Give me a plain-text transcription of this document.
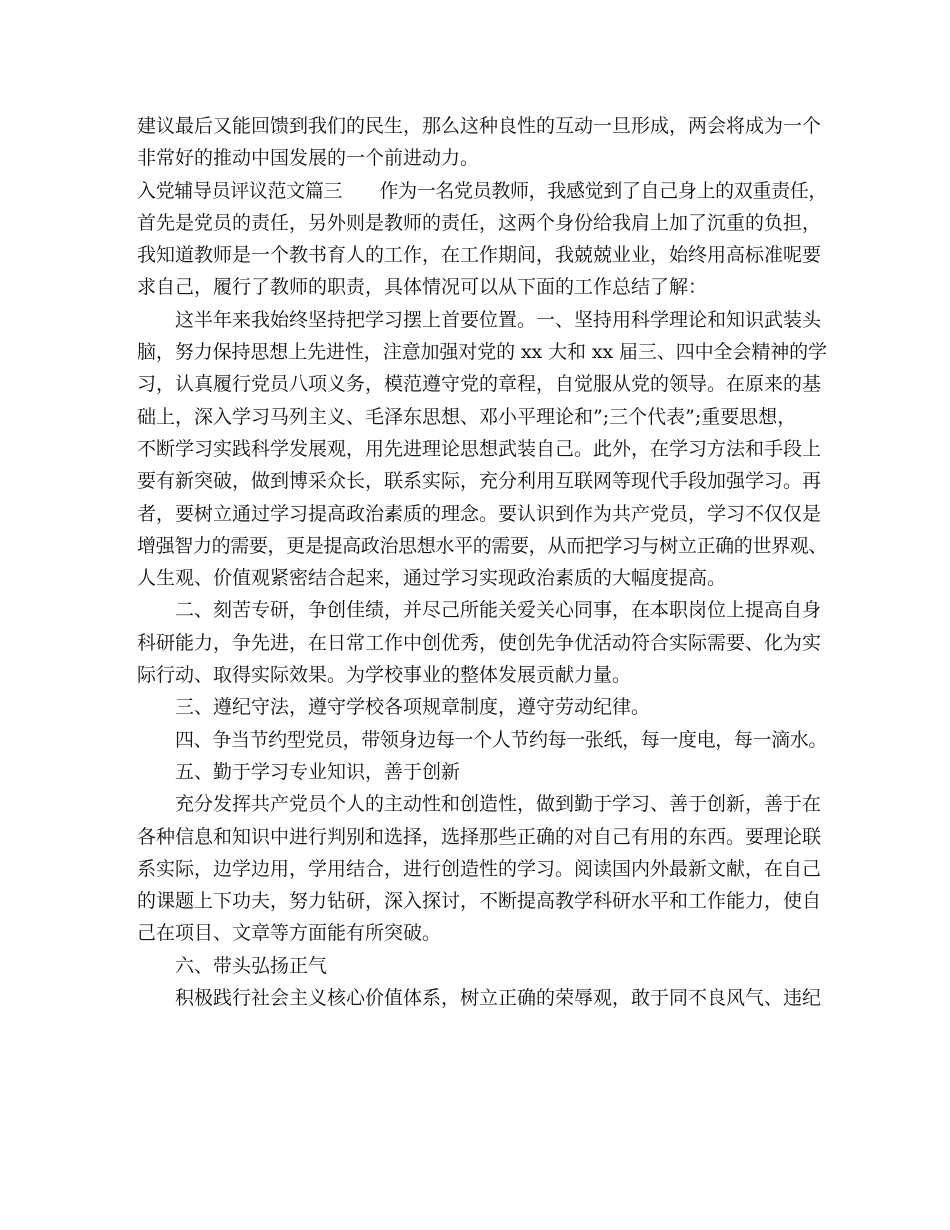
建议最后又能回馈到我们的民生，那么这种良性的互动一旦形成，两会将成为一个
非常好的推动中国发展的一个前进动力。
入党辅导员评议范文篇三　　作为一名党员教师，我感觉到了自己身上的双重责任，
首先是党员的责任，另外则是教师的责任，这两个身份给我肩上加了沉重的负担，
我知道教师是一个教书育人的工作，在工作期间，我兢兢业业，始终用高标准呢要
求自己，履行了教师的职责，具体情况可以从下面的工作总结了解：
这半年来我始终坚持把学习摆上首要位置。一、坚持用科学理论和知识武装头
脑，努力保持思想上先进性，注意加强对党的 xx 大和 xx 届三、四中全会精神的学
习，认真履行党员八项义务，模范遵守党的章程，自觉服从党的领导。在原来的基
础上，深入学习马列主义、毛泽东思想、邓小平理论和”;三个代表”;重要思想，
不断学习实践科学发展观，用先进理论思想武装自己。此外，在学习方法和手段上
要有新突破，做到博采众长，联系实际，充分利用互联网等现代手段加强学习。再
者，要树立通过学习提高政治素质的理念。要认识到作为共产党员，学习不仅仅是
增强智力的需要，更是提高政治思想水平的需要，从而把学习与树立正确的世界观、
人生观、价值观紧密结合起来，通过学习实现政治素质的大幅度提高。
二、刻苦专研，争创佳绩，并尽己所能关爱关心同事，在本职岗位上提高自身
科研能力，争先进，在日常工作中创优秀，使创先争优活动符合实际需要、化为实
际行动、取得实际效果。为学校事业的整体发展贡献力量。
三、遵纪守法，遵守学校各项规章制度，遵守劳动纪律。
四、争当节约型党员，带领身边每一个人节约每一张纸，每一度电，每一滴水。
五、勤于学习专业知识，善于创新
充分发挥共产党员个人的主动性和创造性，做到勤于学习、善于创新，善于在
各种信息和知识中进行判别和选择，选择那些正确的对自己有用的东西。要理论联
系实际，边学边用，学用结合，进行创造性的学习。阅读国内外最新文献，在自己
的课题上下功夫，努力钻研，深入探讨，不断提高教学科研水平和工作能力，使自
己在项目、文章等方面能有所突破。
六、带头弘扬正气
积极践行社会主义核心价值体系，树立正确的荣辱观，敢于同不良风气、违纪
